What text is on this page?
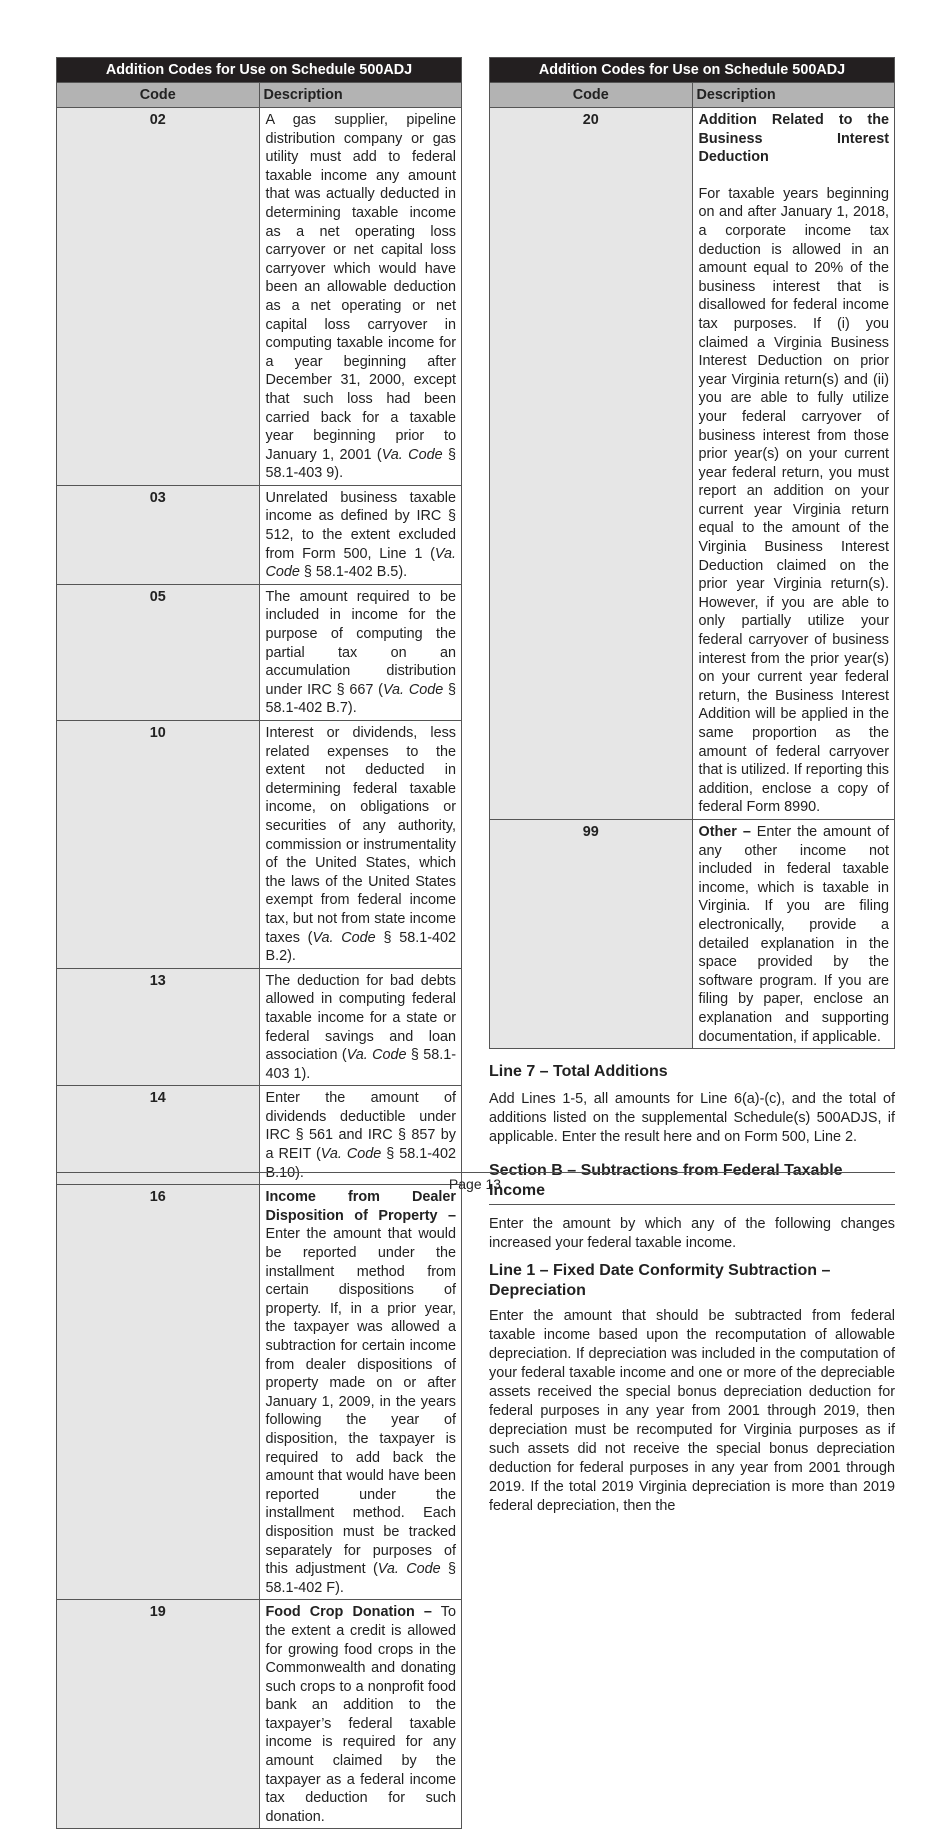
Addition Codes for Use on Schedule 500ADJ	
Code	Description
02	A gas supplier, pipeline distribution company or gas utility must add to federal taxable income any amount that was actually deducted in determining taxable income as a net operating loss carryover or net capital loss carryover which would have been an allowable deduction as a net operating or net capital loss carryover in computing taxable income for a year beginning after December 31, 2000, except that such loss had been carried back for a taxable year beginning prior to January 1, 2001 (Va. Code § 58.1-403 9).
03	Unrelated business taxable income as defined by IRC § 512, to the extent excluded from Form 500, Line 1 (Va. Code § 58.1-402 B.5).
05	The amount required to be included in income for the purpose of computing the partial tax on an accumulation distribution under IRC § 667 (Va. Code § 58.1-402 B.7).
10	Interest or dividends, less related expenses to the extent not deducted in determining federal taxable income, on obligations or securities of any authority, commission or instrumentality of the United States, which the laws of the United States exempt from federal income tax, but not from state income taxes (Va. Code § 58.1-402 B.2).
13	The deduction for bad debts allowed in computing federal taxable income for a state or federal savings and loan association (Va. Code § 58.1-403 1).
14	Enter the amount of dividends deductible under IRC § 561 and IRC § 857 by a REIT (Va. Code § 58.1-402 B.10).
16	Income from Dealer Disposition of Property – Enter the amount that would be reported under the installment method from certain dispositions of property. If, in a prior year, the taxpayer was allowed a subtraction for certain income from dealer dispositions of property made on or after January 1, 2009, in the years following the year of disposition, the taxpayer is required to add back the amount that would have been reported under the installment method. Each disposition must be tracked separately for purposes of this adjustment (Va. Code § 58.1-402 F).
19	Food Crop Donation – To the extent a credit is allowed for growing food crops in the Commonwealth and donating such crops to a nonprofit food bank an addition to the taxpayer’s federal taxable income is required for any amount claimed by the taxpayer as a federal income tax deduction for such donation.
Addition Codes for Use on Schedule 500ADJ	
Code	Description
20	Addition Related to the Business Interest Deduction
For taxable years beginning on and after January 1, 2018, a corporate income tax deduction is allowed in an amount equal to 20% of the business interest that is disallowed for federal income tax purposes. If (i) you claimed a Virginia Business Interest Deduction on prior year Virginia return(s) and (ii) you are able to fully utilize your federal carryover of business interest from those prior year(s) on your current year federal return, you must report an addition on your current year Virginia return equal to the amount of the Virginia Business Interest Deduction claimed on the prior year Virginia return(s). However, if you are able to only partially utilize your federal carryover of business interest from the prior year(s) on your current year federal return, the Business Interest Addition will be applied in the same proportion as the amount of federal carryover that is utilized. If reporting this addition, enclose a copy of federal Form 8990.

99	Other – Enter the amount of any other income not included in federal taxable income, which is taxable in Virginia. If you are filing electronically, provide a detailed explanation in the space provided by the software program. If you are filing by paper, enclose an explanation and supporting documentation, if applicable.
Line 7 – Total Additions

Add Lines 1-5, all amounts for Line 6(a)-(c), and the total of additions listed on the supplemental Schedule(s) 500ADJS, if applicable. Enter the result here and on Form 500, Line 2.

Section B – Subtractions from Federal Taxable Income

Enter the amount by which any of the following changes increased your federal taxable income.

Line 1 – Fixed Date Conformity Subtraction – Depreciation

Enter the amount that should be subtracted from federal taxable income based upon the recomputation of allowable depreciation. If depreciation was included in the computation of your federal taxable income and one or more of the depreciable assets received the special bonus depreciation deduction for federal purposes in any year from 2001 through 2019, then depreciation must be recomputed for Virginia purposes as if such assets did not receive the special bonus depreciation deduction for federal purposes in any year from 2001 through 2019. If the total 2019 Virginia depreciation is more than 2019 federal depreciation, then the

Page 13
